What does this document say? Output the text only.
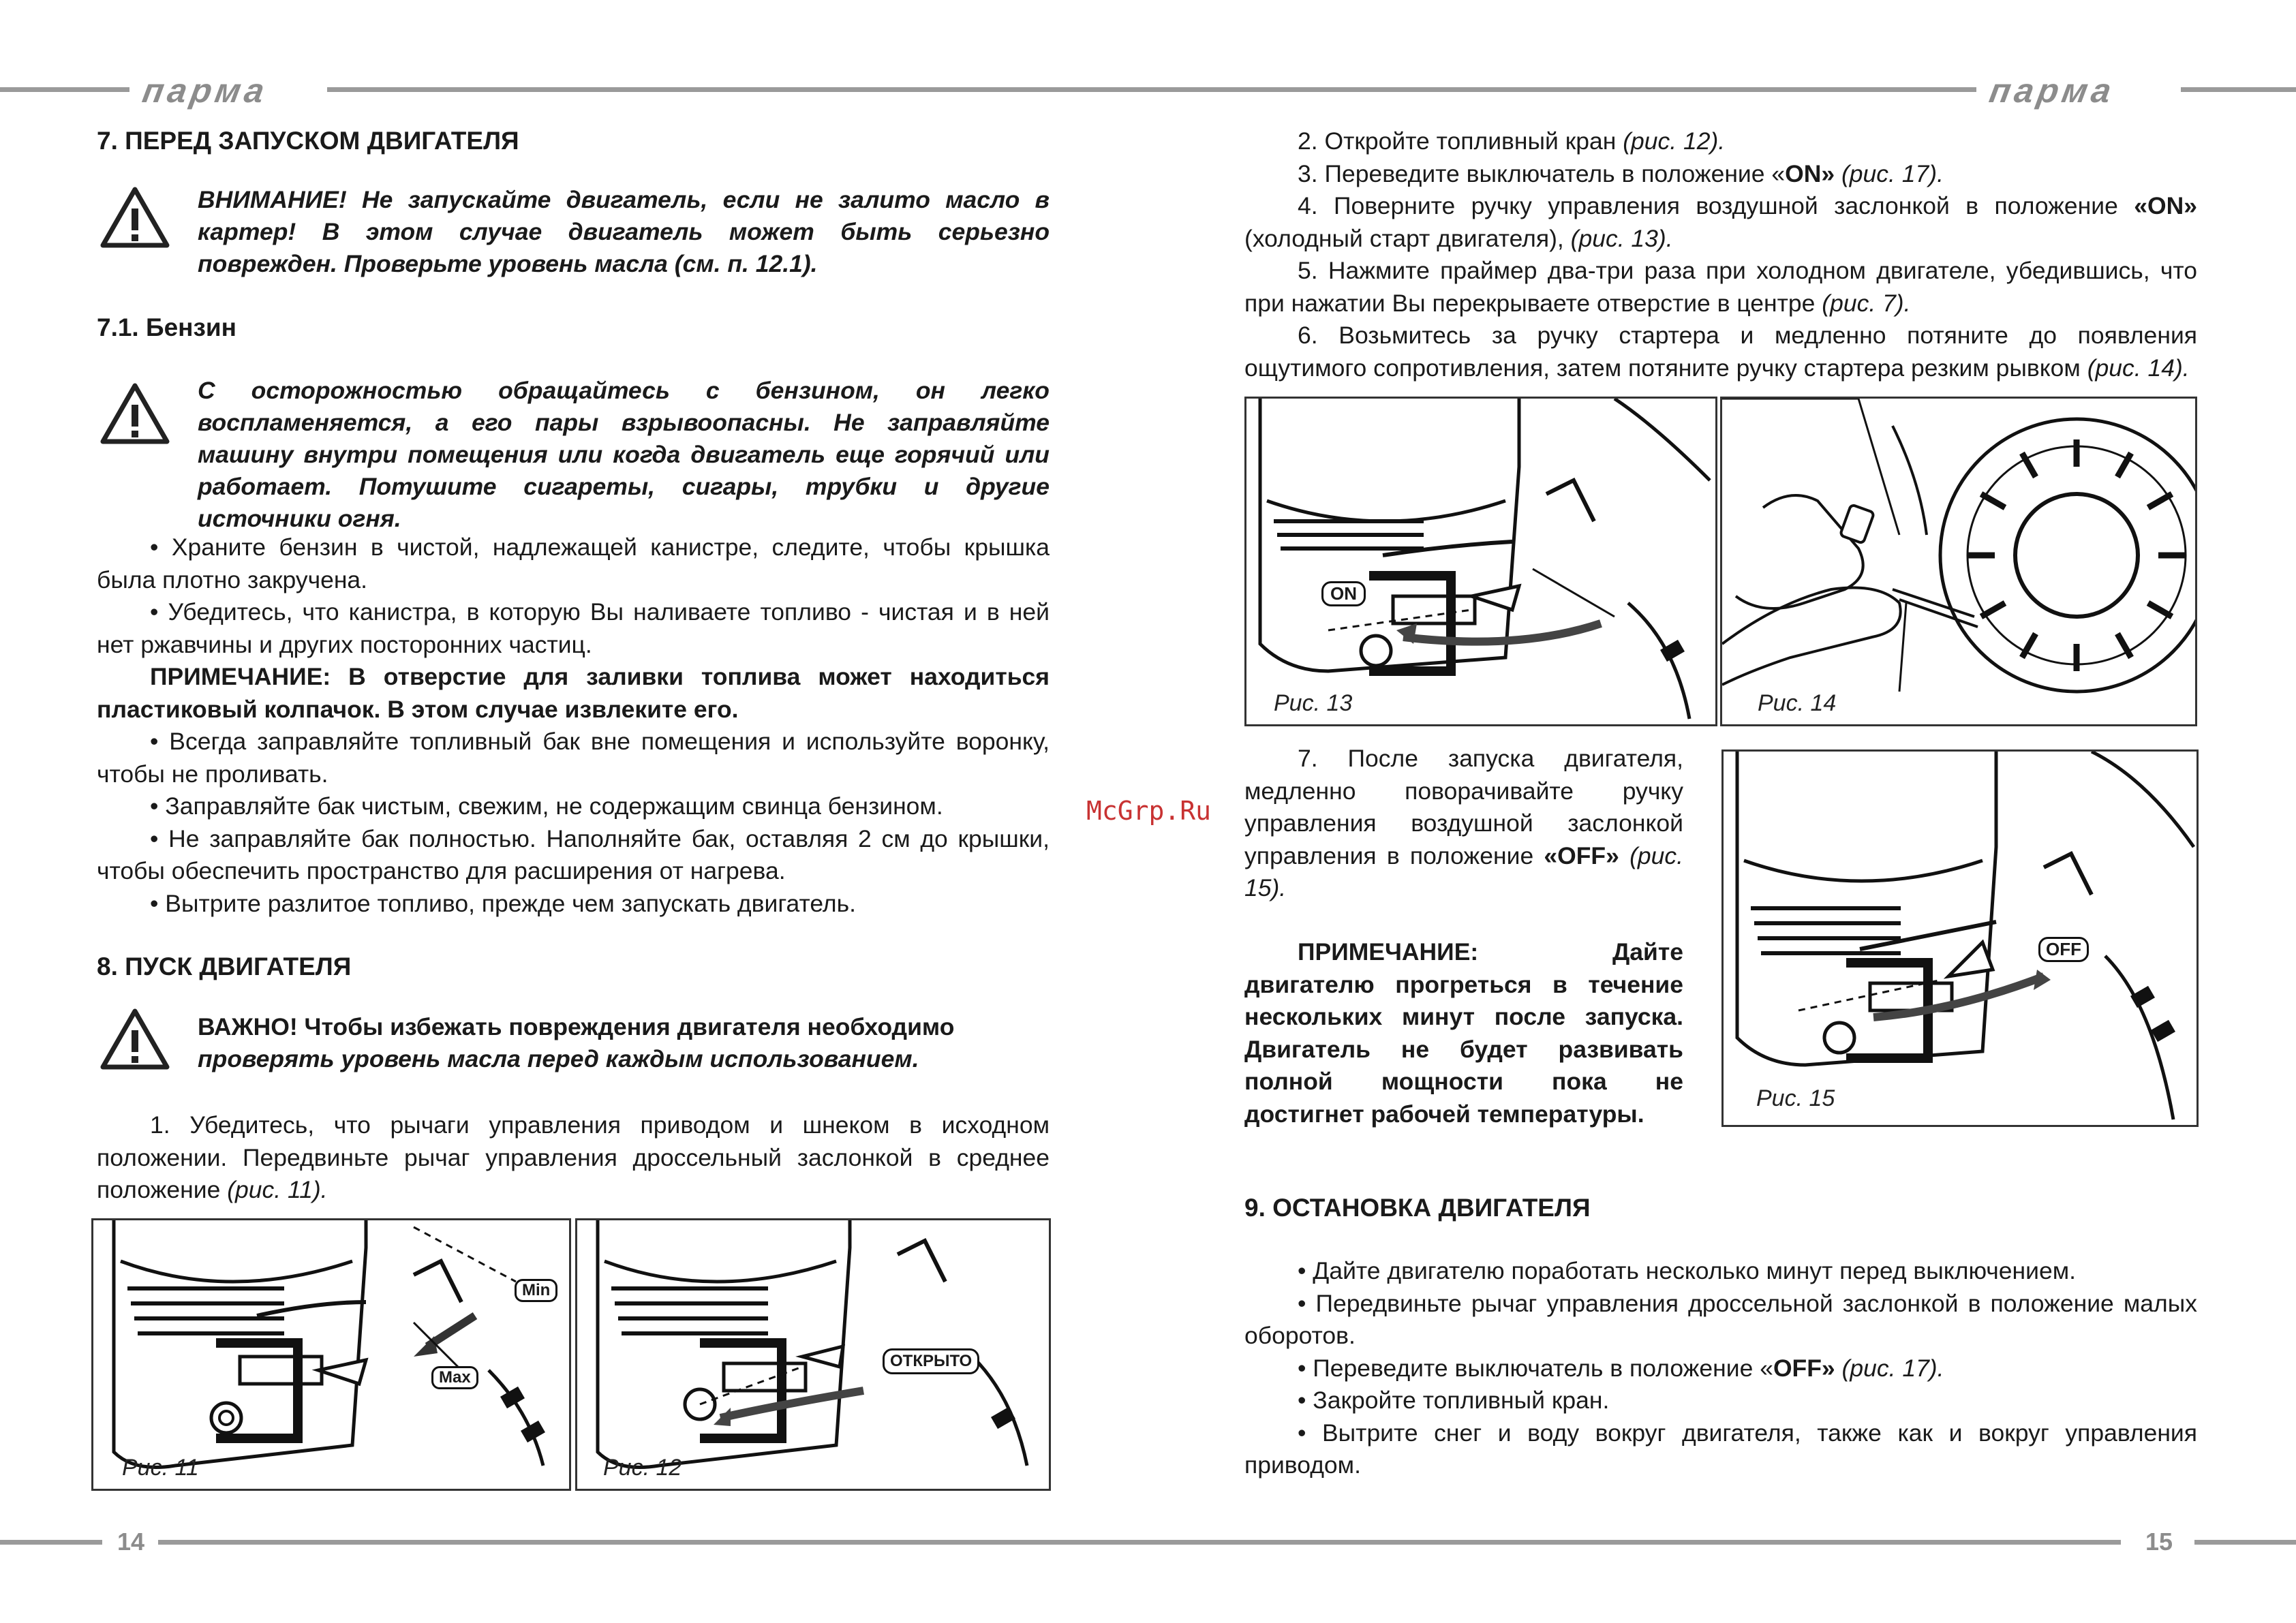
парма	парма
14	15
McGrp.Ru
7. ПЕРЕД ЗАПУСКОМ ДВИГАТЕЛЯ

ВНИМАНИЕ! Не запускайте двигатель, если не залито масло в картер! В этом случае двигатель может быть серьезно поврежден. Проверьте уровень масла (см. п. 12.1).

7.1. Бензин

С осторожностью обращайтесь с бензином, он легко воспламеняется, а его пары взрывоопасны. Не заправляйте машину внутри помещения или когда двигатель еще горячий или работает. Потушите сигареты, сигары, трубки и другие источники огня.

• Храните бензин в чистой, надлежащей канистре, следите, чтобы крышка была плотно закручена.

• Убедитесь, что канистра, в которую Вы наливаете топливо - чистая и в ней нет ржавчины и других посторонних частиц.

ПРИМЕЧАНИЕ: В отверстие для заливки топлива может находиться пластиковый колпачок. В этом случае извлеките его.

• Всегда заправляйте топливный бак вне помещения и используйте воронку, чтобы не проливать.

• Заправляйте бак чистым, свежим, не содержащим свинца бензином.

• Не заправляйте бак полностью. Наполняйте бак, оставляя 2 см до крышки, чтобы обеспечить пространство для расширения от нагрева.

• Вытрите разлитое топливо, прежде чем запускать двигатель.

8. ПУСК ДВИГАТЕЛЯ
ВАЖНО! Чтобы избежать повреждения двигателя необходимо
проверять уровень масла перед каждым использованием.

1. Убедитесь, что рычаги управления приводом и шнеком в исходном положении. Передвиньте рычаг управления дроссельный заслонкой в среднее положение (рис. 11).

Min
Max
Рис. 11
ОТКРЫТО
Рис. 12

2. Откройте топливный кран (рис. 12).

3. Переведите выключатель в положение «ON» (рис. 17).

4. Поверните ручку управления воздушной заслонкой в положение «ON» (холодный старт двигателя), (рис. 13).

5. Нажмите праймер два-три раза при холодном двигателе, убедившись, что при нажатии Вы перекрываете отверстие в центре (рис. 7).

6. Возьмитесь за ручку стартера и медленно потяните до появления ощутимого сопротивления, затем потяните ручку стартера резким рывком (рис. 14).

ON
Рис. 13	Рис. 14

7. После запуска двигателя, медленно поворачивайте ручку управления воздушной заслонкой управления в положение «OFF» (рис. 15).

ПРИМЕЧАНИЕ: Дайте двигателю прогреться в течение нескольких минут после запуска. Двигатель не будет развивать полной мощности пока не достигнет рабочей температуры.

OFF
Рис. 15
9. ОСТАНОВКА ДВИГАТЕЛЯ

• Дайте двигателю поработать несколько минут перед выключением.

• Передвиньте рычаг управления дроссельной заслонкой в положение малых оборотов.

• Переведите выключатель в положение «OFF» (рис. 17).

• Закройте топливный кран.

• Вытрите снег и воду вокруг двигателя, также как и вокруг управления приводом.
